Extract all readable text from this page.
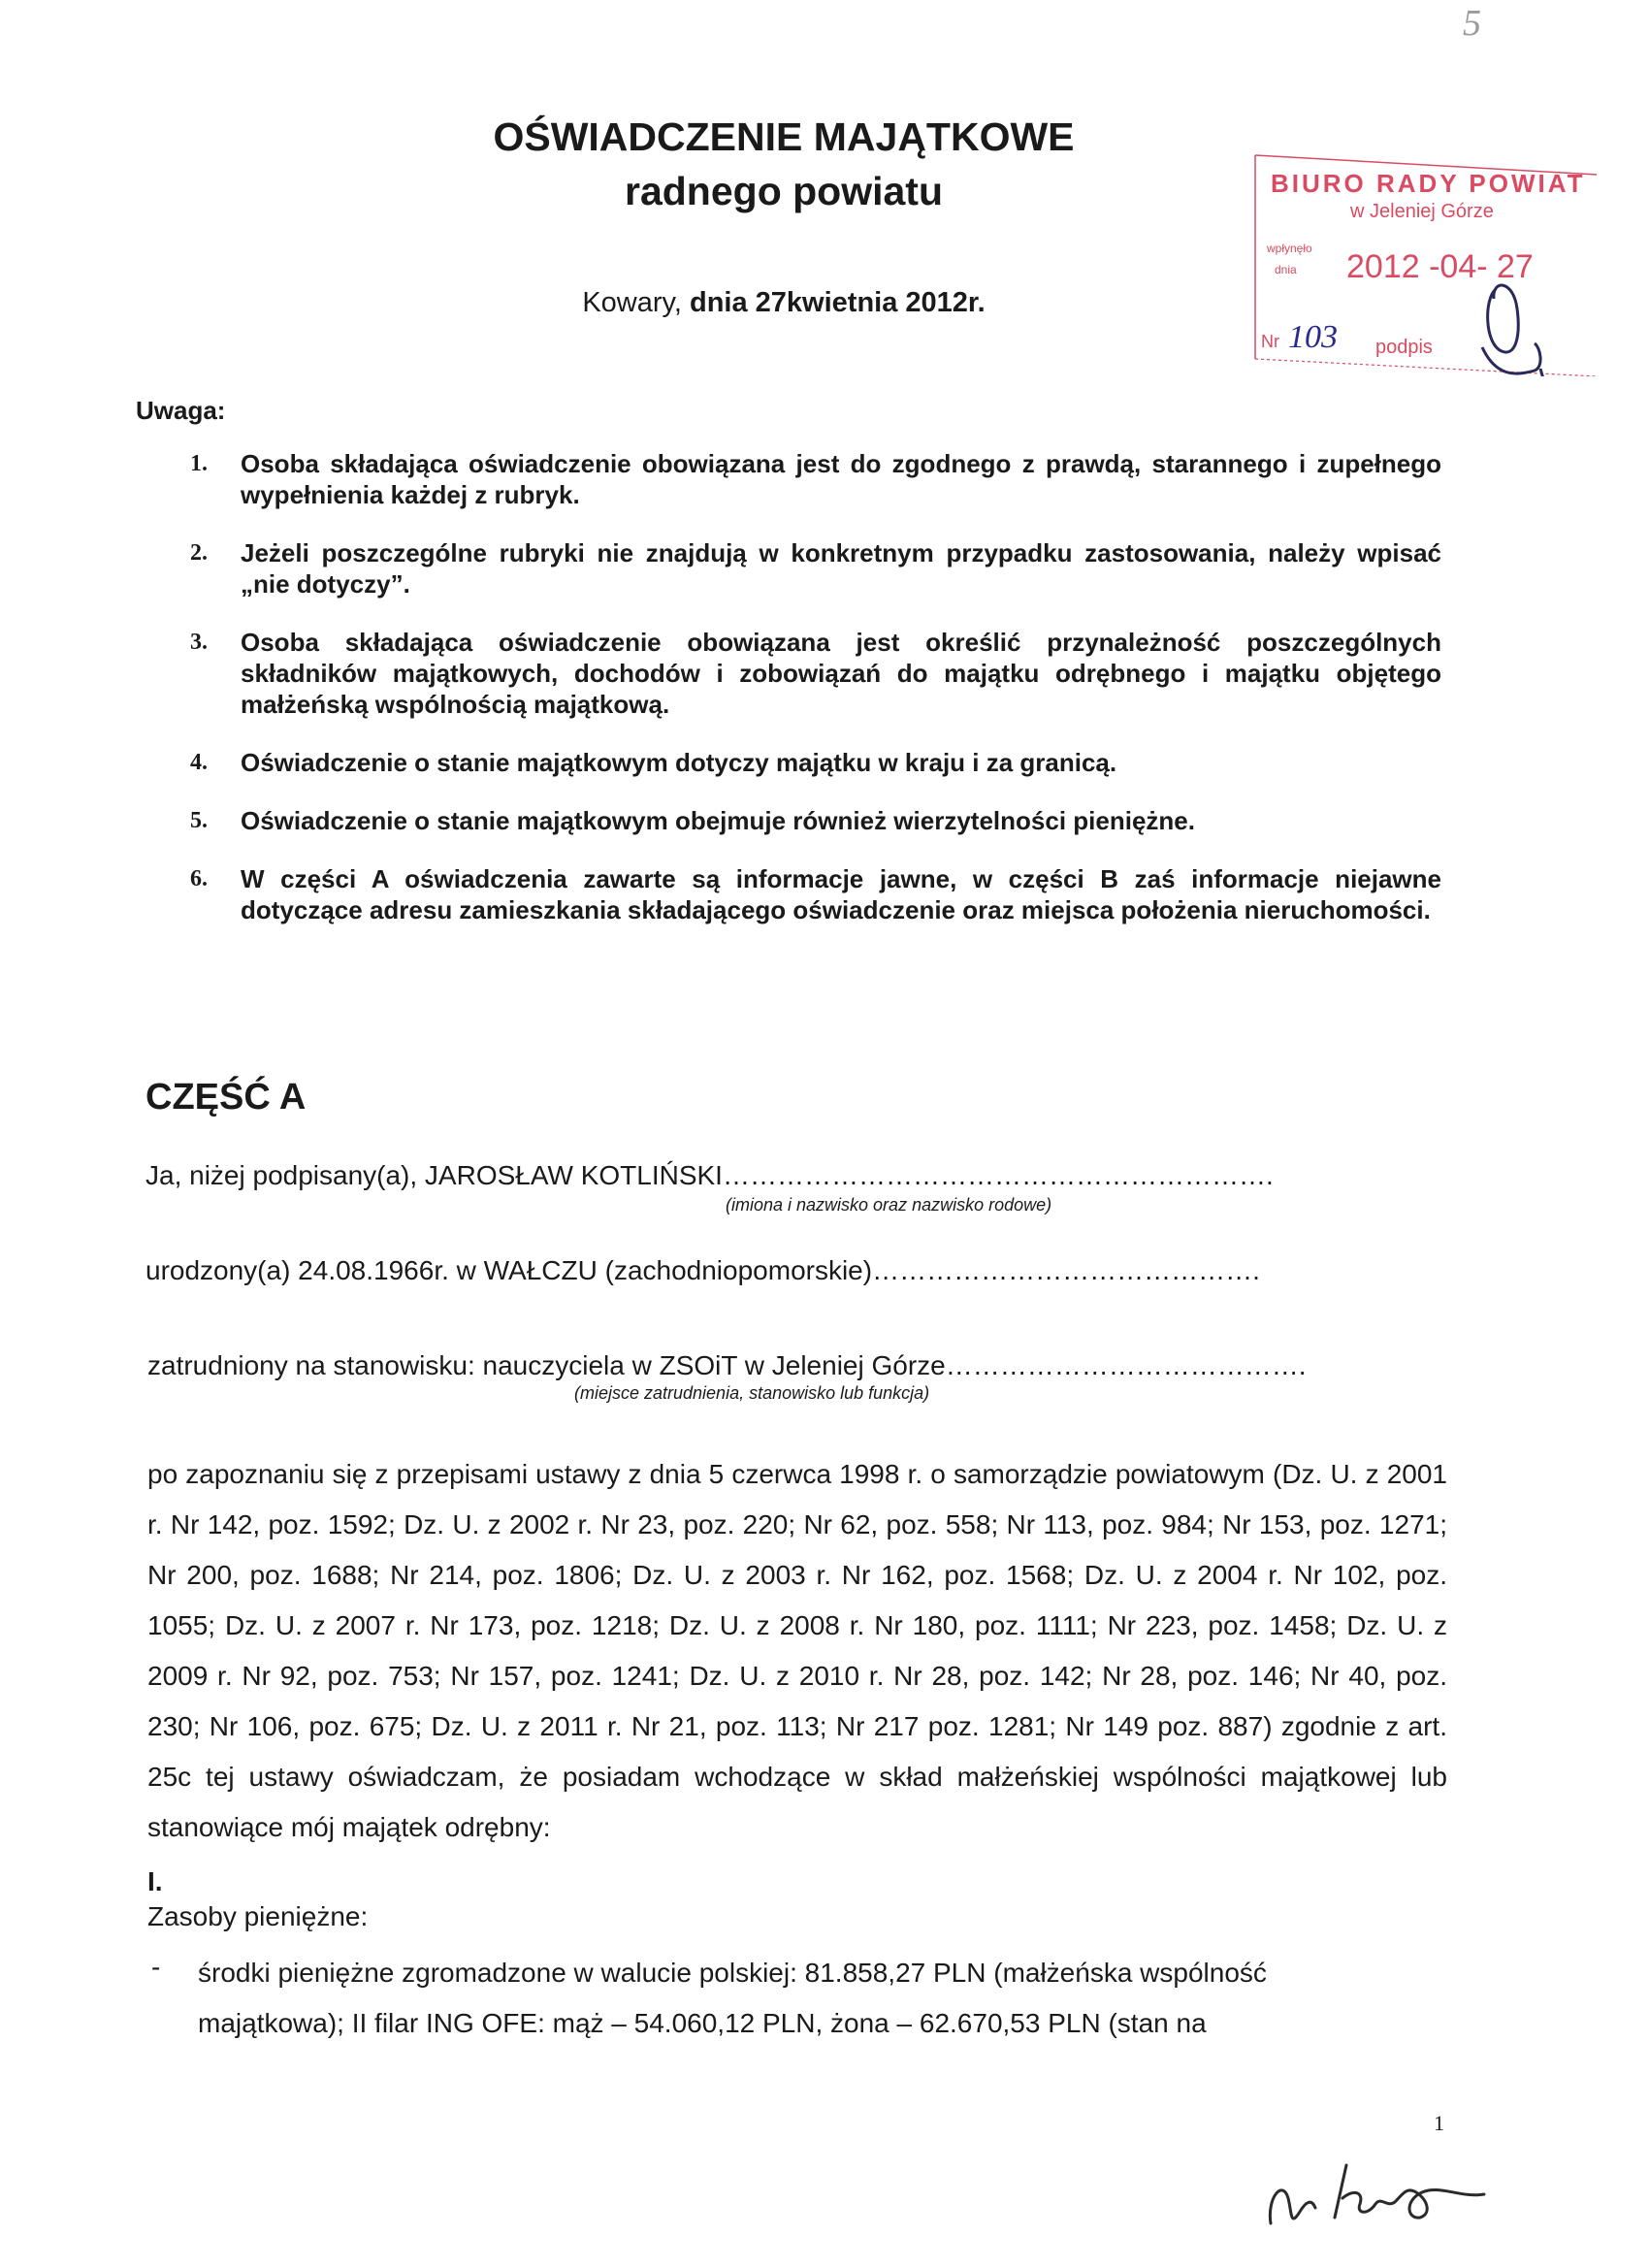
5
OŚWIADCZENIE MAJĄTKOWE
radnego powiatu
Kowary, dnia 27kwietnia 2012r.
BIURO RADY POWIAT
w Jeleniej Górze
wpłynęło
dnia 2012 -04- 27
Nr 103 podpis
Uwaga:
1. Osoba składająca oświadczenie obowiązana jest do zgodnego z prawdą, starannego i zupełnego wypełnienia każdej z rubryk.
2. Jeżeli poszczególne rubryki nie znajdują w konkretnym przypadku zastosowania, należy wpisać „nie dotyczy”.
3. Osoba składająca oświadczenie obowiązana jest określić przynależność poszczególnych składników majątkowych, dochodów i zobowiązań do majątku odrębnego i majątku objętego małżeńską wspólnością majątkową.
4. Oświadczenie o stanie majątkowym dotyczy majątku w kraju i za granicą.
5. Oświadczenie o stanie majątkowym obejmuje również wierzytelności pieniężne.
6. W części A oświadczenia zawarte są informacje jawne, w części B zaś informacje niejawne dotyczące adresu zamieszkania składającego oświadczenie oraz miejsca położenia nieruchomości.
CZĘŚĆ A
Ja, niżej podpisany(a), JAROSŁAW KOTLIŃSKI…………………………………………………….
(imiona i nazwisko oraz nazwisko rodowe)
urodzony(a) 24.08.1966r. w WAŁCZU (zachodniopomorskie)…………………………………….
zatrudniony na stanowisku: nauczyciela w ZSOiT w Jeleniej Górze………………………………….
(miejsce zatrudnienia, stanowisko lub funkcja)

po zapoznaniu się z przepisami ustawy z dnia 5 czerwca 1998 r. o samorządzie powiatowym (Dz. U. z 2001 r. Nr 142, poz. 1592; Dz. U. z 2002 r. Nr 23, poz. 220; Nr 62, poz. 558; Nr 113, poz. 984; Nr 153, poz. 1271; Nr 200, poz. 1688; Nr 214, poz. 1806; Dz. U. z 2003 r. Nr 162, poz. 1568; Dz. U. z 2004 r. Nr 102, poz. 1055; Dz. U. z 2007 r. Nr 173, poz. 1218; Dz. U. z 2008 r. Nr 180, poz. 1111; Nr 223, poz. 1458; Dz. U. z 2009 r. Nr 92, poz. 753; Nr 157, poz. 1241; Dz. U. z 2010 r. Nr 28, poz. 142; Nr 28, poz. 146; Nr 40, poz. 230; Nr 106, poz. 675; Dz. U. z 2011 r. Nr 21, poz. 113; Nr 217 poz. 1281; Nr 149 poz. 887) zgodnie z art. 25c tej ustawy oświadczam, że posiadam wchodzące w skład małżeńskiej wspólności majątkowej lub stanowiące mój majątek odrębny:

I.
Zasoby pieniężne:
- środki pieniężne zgromadzone w walucie polskiej: 81.858,27 PLN (małżeńska wspólność majątkowa); II filar ING OFE: mąż – 54.060,12 PLN, żona – 62.670,53 PLN (stan na

1
